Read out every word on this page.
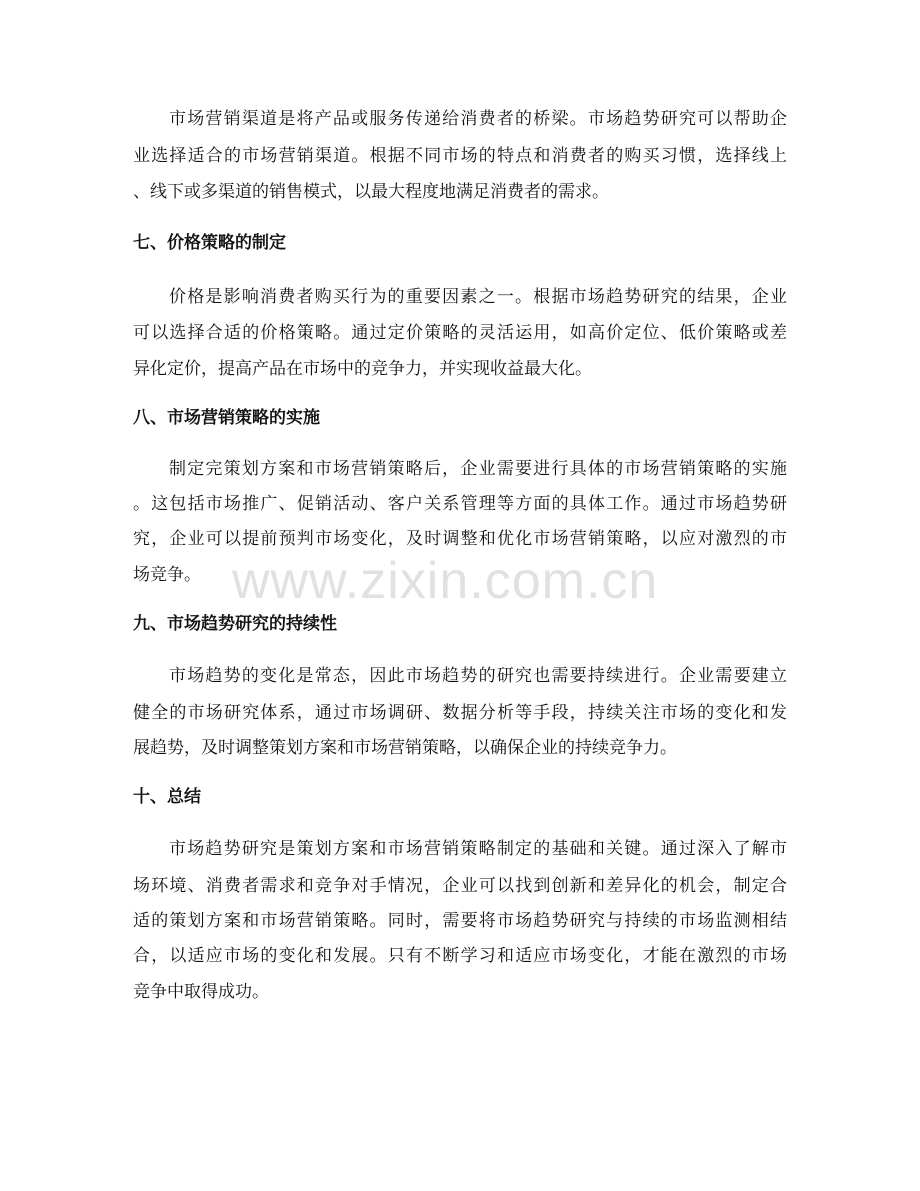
市场营销渠道是将产品或服务传递给消费者的桥梁。市场趋势研究可以帮助企
业选择适合的市场营销渠道。根据不同市场的特点和消费者的购买习惯，选择线上
、线下或多渠道的销售模式，以最大程度地满足消费者的需求。
七、价格策略的制定
价格是影响消费者购买行为的重要因素之一。根据市场趋势研究的结果，企业
可以选择合适的价格策略。通过定价策略的灵活运用，如高价定位、低价策略或差
异化定价，提高产品在市场中的竞争力，并实现收益最大化。
八、市场营销策略的实施
制定完策划方案和市场营销策略后，企业需要进行具体的市场营销策略的实施
。这包括市场推广、促销活动、客户关系管理等方面的具体工作。通过市场趋势研
究，企业可以提前预判市场变化，及时调整和优化市场营销策略，以应对激烈的市
场竞争。
九、市场趋势研究的持续性
市场趋势的变化是常态，因此市场趋势的研究也需要持续进行。企业需要建立
健全的市场研究体系，通过市场调研、数据分析等手段，持续关注市场的变化和发
展趋势，及时调整策划方案和市场营销策略，以确保企业的持续竞争力。
十、总结
市场趋势研究是策划方案和市场营销策略制定的基础和关键。通过深入了解市
场环境、消费者需求和竞争对手情况，企业可以找到创新和差异化的机会，制定合
适的策划方案和市场营销策略。同时，需要将市场趋势研究与持续的市场监测相结
合，以适应市场的变化和发展。只有不断学习和适应市场变化，才能在激烈的市场
竞争中取得成功。
www.zixin.com.cn
